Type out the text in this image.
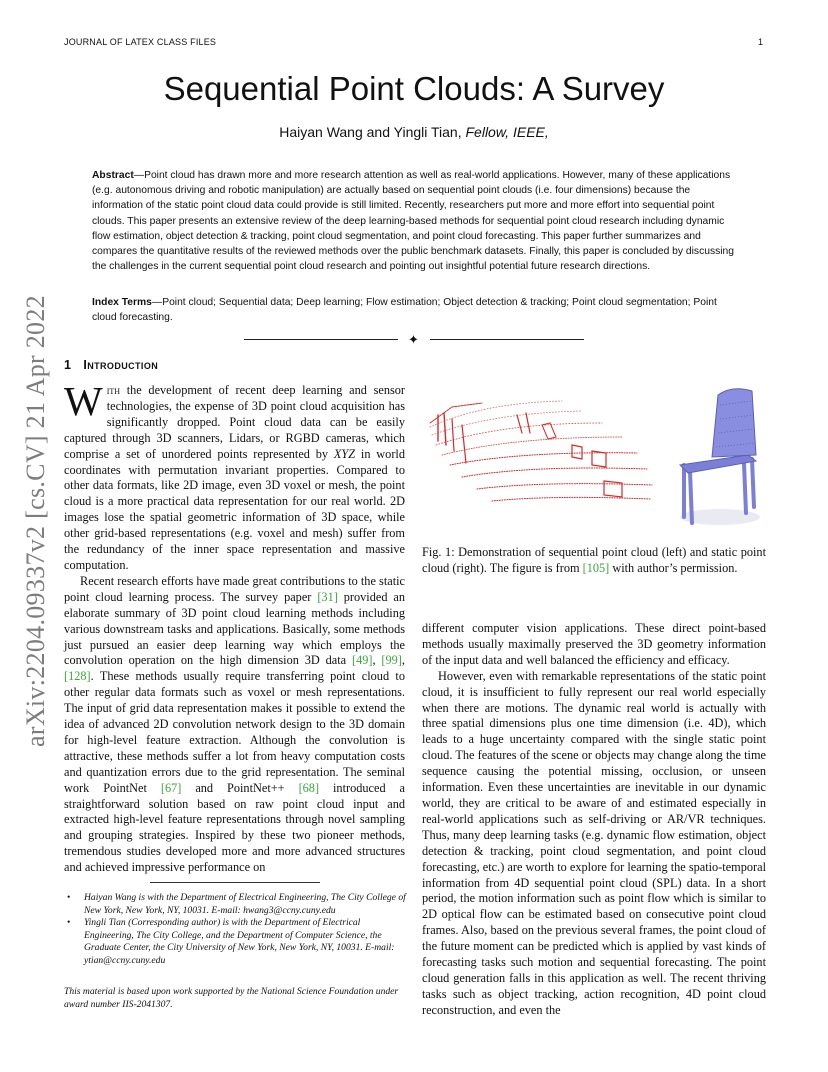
JOURNAL OF LATEX CLASS FILES	1
arXiv:2204.09337v2 [cs.CV] 21 Apr 2022
Sequential Point Clouds: A Survey
Haiyan Wang and Yingli Tian, Fellow, IEEE,

Abstract—Point cloud has drawn more and more research attention as well as real-world applications. However, many of these applications (e.g. autonomous driving and robotic manipulation) are actually based on sequential point clouds (i.e. four dimensions) because the information of the static point cloud data could provide is still limited. Recently, researchers put more and more effort into sequential point clouds. This paper presents an extensive review of the deep learning-based methods for sequential point cloud research including dynamic flow estimation, object detection & tracking, point cloud segmentation, and point cloud forecasting. This paper further summarizes and compares the quantitative results of the reviewed methods over the public benchmark datasets. Finally, this paper is concluded by discussing the challenges in the current sequential point cloud research and pointing out insightful potential future research directions.

Index Terms—Point cloud; Sequential data; Deep learning; Flow estimation; Object detection & tracking; Point cloud segmentation; Point cloud forecasting.

✦
1 Introduction

With the development of recent deep learning and sensor technologies, the expense of 3D point cloud acquisition has significantly dropped. Point cloud data can be easily captured through 3D scanners, Lidars, or RGBD cameras, which comprise a set of unordered points represented by XYZ in world coordinates with permutation invariant properties. Compared to other data formats, like 2D image, even 3D voxel or mesh, the point cloud is a more practical data representation for our real world. 2D images lose the spatial geometric information of 3D space, while other grid-based representations (e.g. voxel and mesh) suffer from the redundancy of the inner space representation and massive computation.

Recent research efforts have made great contributions to the static point cloud learning process. The survey paper [31] provided an elaborate summary of 3D point cloud learning methods including various downstream tasks and applications. Basically, some methods just pursued an easier deep learning way which employs the convolution operation on the high dimension 3D data [49], [99], [128]. These methods usually require transferring point cloud to other regular data formats such as voxel or mesh representations. The input of grid data representation makes it possible to extend the idea of advanced 2D convolution network design to the 3D domain for high-level feature extraction. Although the convolution is attractive, these methods suffer a lot from heavy computation costs and quantization errors due to the grid representation. The seminal work PointNet [67] and PointNet++ [68] introduced a straightforward solution based on raw point cloud input and extracted high-level feature representations through novel sampling and grouping strategies. Inspired by these two pioneer methods, tremendous studies developed more and more advanced structures and achieved impressive performance on

Fig. 1: Demonstration of sequential point cloud (left) and static point cloud (right). The figure is from [105] with author’s permission.

different computer vision applications. These direct point-based methods usually maximally preserved the 3D geometry information of the input data and well balanced the efficiency and efficacy.

However, even with remarkable representations of the static point cloud, it is insufficient to fully represent our real world especially when there are motions. The dynamic real world is actually with three spatial dimensions plus one time dimension (i.e. 4D), which leads to a huge uncertainty compared with the single static point cloud. The features of the scene or objects may change along the time sequence causing the potential missing, occlusion, or unseen information. Even these uncertainties are inevitable in our dynamic world, they are critical to be aware of and estimated especially in real-world applications such as self-driving or AR/VR techniques. Thus, many deep learning tasks (e.g. dynamic flow estimation, object detection & tracking, point cloud segmentation, and point cloud forecasting, etc.) are worth to explore for learning the spatio-temporal information from 4D sequential point cloud (SPL) data. In a short period, the motion information such as point flow which is similar to 2D optical flow can be estimated based on consecutive point cloud frames. Also, based on the previous several frames, the point cloud of the future moment can be predicted which is applied by vast kinds of forecasting tasks such motion and sequential forecasting. The point cloud generation falls in this application as well. The recent thriving tasks such as object tracking, action recognition, 4D point cloud reconstruction, and even the

• Haiyan Wang is with the Department of Electrical Engineering, The City College of New York, New York, NY, 10031. E-mail: hwang3@ccny.cuny.edu
• Yingli Tian (Corresponding author) is with the Department of Electrical Engineering, The City College, and the Department of Computer Science, the Graduate Center, the City University of New York, New York, NY, 10031. E-mail: ytian@ccny.cuny.edu

This material is based upon work supported by the National Science Foundation under award number IIS-2041307.
